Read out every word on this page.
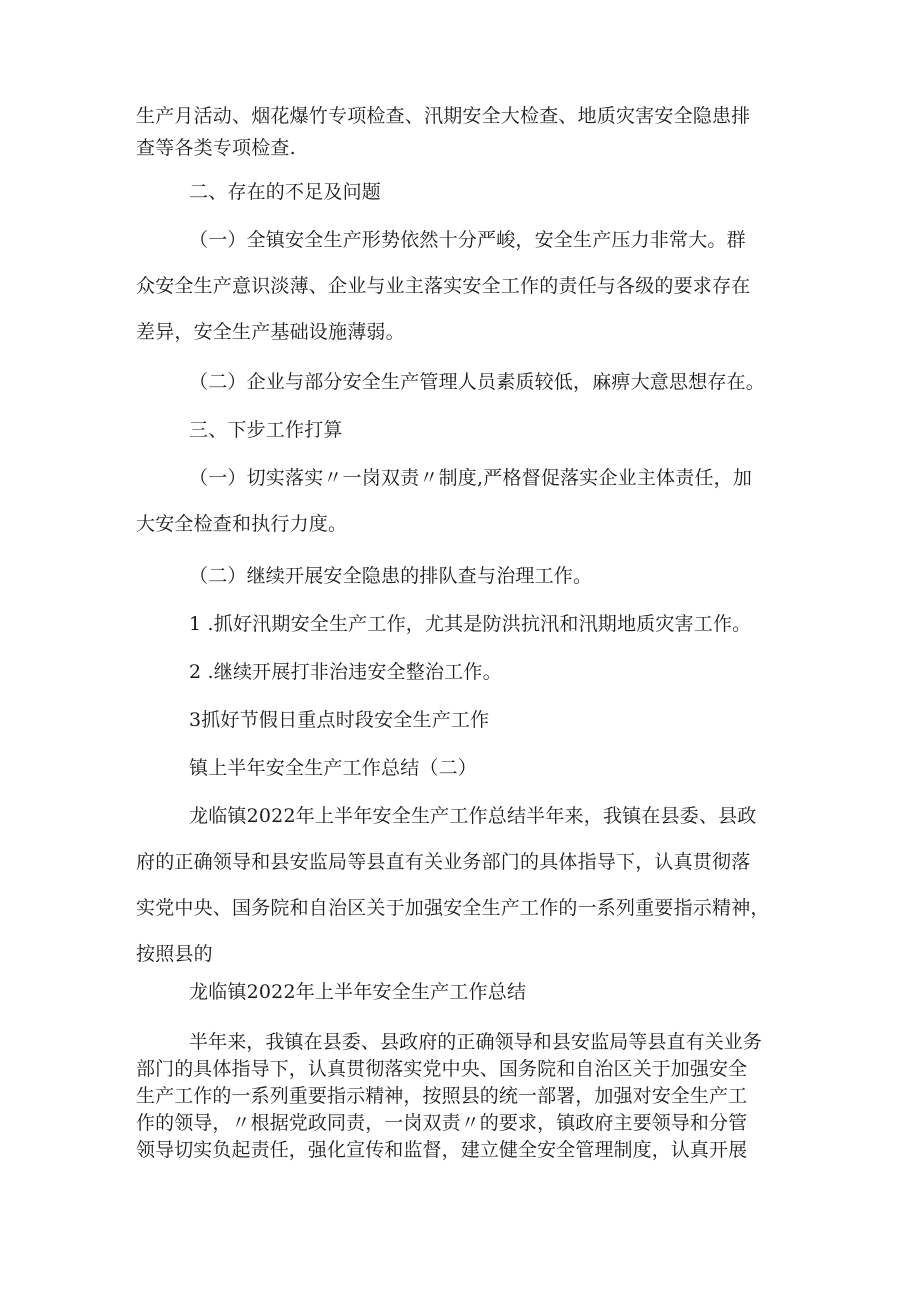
生产月活动、烟花爆竹专项检查、汛期安全大检查、地质灾害安全隐患排

查等各类专项检查.

二、存在的不足及问题

（一）全镇安全生产形势依然十分严峻，安全生产压力非常大。群

众安全生产意识淡薄、企业与业主落实安全工作的责任与各级的要求存在

差异，安全生产基础设施薄弱。

（二）企业与部分安全生产管理人员素质较低，麻痹大意思想存在。

三、下步工作打算

（一）切实落实〃一岗双责〃制度,严格督促落实企业主体责任，加

大安全检查和执行力度。

（二）继续开展安全隐患的排队查与治理工作。

1 .抓好汛期安全生产工作，尤其是防洪抗汛和汛期地质灾害工作。

2 .继续开展打非治违安全整治工作。

3抓好节假日重点时段安全生产工作

镇上半年安全生产工作总结（二）

龙临镇2022年上半年安全生产工作总结半年来，我镇在县委、县政

府的正确领导和县安监局等县直有关业务部门的具体指导下，认真贯彻落

实党中央、国务院和自治区关于加强安全生产工作的一系列重要指示精神，

按照县的

龙临镇2022年上半年安全生产工作总结

半年来，我镇在县委、县政府的正确领导和县安监局等县直有关业务

部门的具体指导下，认真贯彻落实党中央、国务院和自治区关于加强安全

生产工作的一系列重要指示精神，按照县的统一部署，加强对安全生产工

作的领导，〃根据党政同责，一岗双责〃的要求，镇政府主要领导和分管

领导切实负起责任，强化宣传和监督，建立健全安全管理制度，认真开展
